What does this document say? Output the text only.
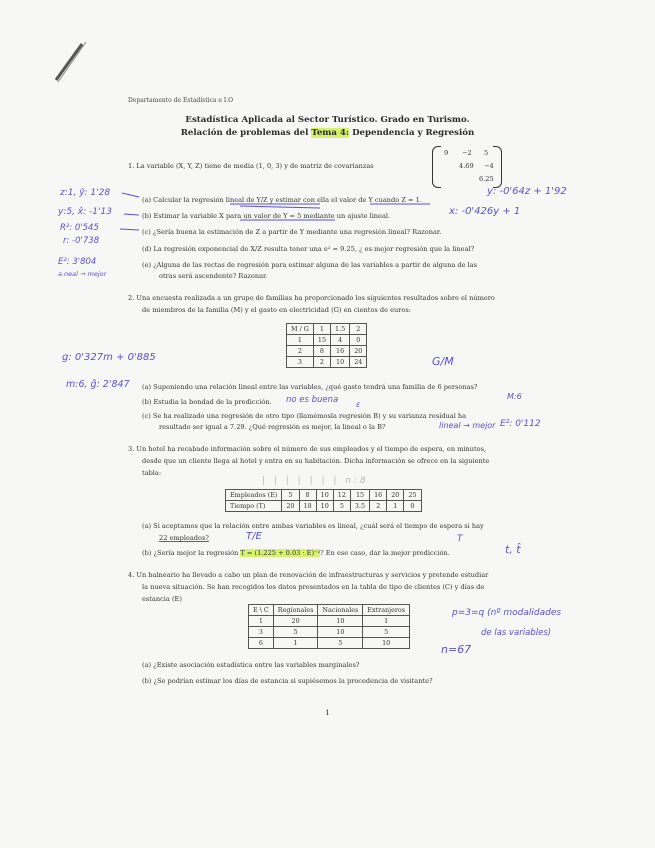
Departamento de Estadística e I.O
Estadística Aplicada al Sector Turístico. Grado en Turismo.
Relación de problemas del Tema 4: Dependencia y Regresión
1. La variable (X, Y, Z) tiene de media (1, 0, 3) y de matriz de covarianzas
9 −2 5
4.69 −4
6.25
(a) Calcular la regresión lineal de Y/Z y estimar con ella el valor de Y cuando Z = 1.
(b) Estimar la variable X para un valor de Y = 5 mediante un ajuste lineal.
(c) ¿Sería buena la estimación de Z a partir de Y mediante una regresión lineal? Razonar.
(d) La regresión exponencial de X/Z resulta tener una e² = 9.25, ¿ es mejor regresión que la lineal?
(e) ¿Alguna de las rectas de regresión para estimar alguna de las variables a partir de alguna de las
otras será ascendente? Razonar.
2. Una encuesta realizada a un grupo de familias ha proporcionado los siguientes resultados sobre el número
de miembros de la familia (M) y el gasto en electricidad (G) en cientos de euros:
M / G	1	1.5	2
1	15	4	0
2	8	16	20
3	2	10	24
(a) Suponiendo una relación lineal entre las variables, ¿qué gasto tendrá una familia de 6 personas?
(b) Estudia la bondad de la predicción.
(c) Se ha realizado una regresión de otro tipo (llamémosla regresión B) y su varianza residual ha
resultado ser igual a 7.29. ¿Qué regresión es mejor, la lineal o la B?
3. Un hotel ha recabado información sobre el número de sus empleados y el tiempo de espera, en minutos,
desde que un cliente llega al hotel y entra en su habitación. Dicha información se ofrece en la siguiente
tabla:
Empleados (E)	5	8	10	12	15	16	20	25
Tiempo (T)	20	18	10	5	3.5	2	1	0
(a) Si aceptamos que la relación entre ambas variables es lineal, ¿cuál será el tiempo de espera si hay
22 empleados?
(b) ¿Sería mejor la regresión T = (1.225 + 0.03 · E)⁻²? En ese caso, dar la mejor predicción.
4. Un balneario ha llevado a cabo un plan de renovación de infraestructuras y servicios y pretende estudiar
la nueva situación. Se han recogidos los datos presentados en la tabla de tipo de clientes (C) y días de
estancia (E)
E \ C	Regionales	Nacionales	Extranjeros
1	20	10	1
3	5	10	5
6	1	5	10
(a) ¿Existe asociación estadística entre las variables marginales?
(b) ¿Se podrían estimar los días de estancia si supiésemos la procedencia de visitante?
1
z:1, ŷ: 1'28
y:5, x̂: -1'13
R²: 0'545
r: -0'738
E²: 3'804
a.neal → mejor
y: -0'64z + 1'92
x: -0'426y + 1
g: 0'327m + 0'885
m:6, ĝ: 2'847
G/M
no es buena	M:6
lineal → mejor E²: 0'112
ε
| | | | | | | n:8
T/E	T
t, t̂
p=3=q (nº modalidades
de las variables)
n=67
